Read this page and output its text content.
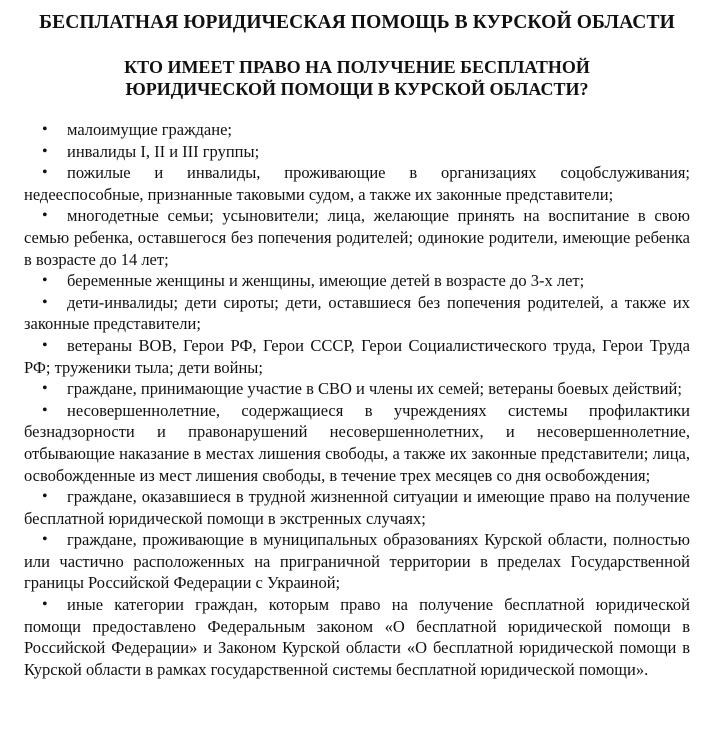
БЕСПЛАТНАЯ ЮРИДИЧЕСКАЯ ПОМОЩЬ В КУРСКОЙ ОБЛАСТИ
КТО ИМЕЕТ ПРАВО НА ПОЛУЧЕНИЕ БЕСПЛАТНОЙ
ЮРИДИЧЕСКОЙ ПОМОЩИ В КУРСКОЙ ОБЛАСТИ?
• малоимущие граждане;
• инвалиды I, II и III группы;
• пожилые и инвалиды, проживающие в организациях соцобслуживания; недееспособные, признанные таковыми судом, а также их законные представители;
• многодетные семьи; усыновители; лица, желающие принять на воспитание в свою семью ребенка, оставшегося без попечения родителей; одинокие родители, имеющие ребенка в возрасте до 14 лет;
• беременные женщины и женщины, имеющие детей в возрасте до 3-х лет;
• дети-инвалиды; дети сироты; дети, оставшиеся без попечения родителей, а также их законные представители;
• ветераны ВОВ, Герои РФ, Герои СССР, Герои Социалистического труда, Герои Труда РФ; труженики тыла; дети войны;
• граждане, принимающие участие в СВО и члены их семей; ветераны боевых действий;
• несовершеннолетние, содержащиеся в учреждениях системы профилактики безнадзорности и правонарушений несовершеннолетних, и несовершеннолетние, отбывающие наказание в местах лишения свободы, а также их законные представители; лица, освобожденные из мест лишения свободы, в течение трех месяцев со дня освобождения;
• граждане, оказавшиеся в трудной жизненной ситуации и имеющие право на получение бесплатной юридической помощи в экстренных случаях;
• граждане, проживающие в муниципальных образованиях Курской области, полностью или частично расположенных на приграничной территории в пределах Государственной границы Российской Федерации с Украиной;
• иные категории граждан, которым право на получение бесплатной юридической помощи предоставлено Федеральным законом «О бесплатной юридической помощи в Российской Федерации» и Законом Курской области «О бесплатной юридической помощи в Курской области в рамках государственной системы бесплатной юридической помощи».
